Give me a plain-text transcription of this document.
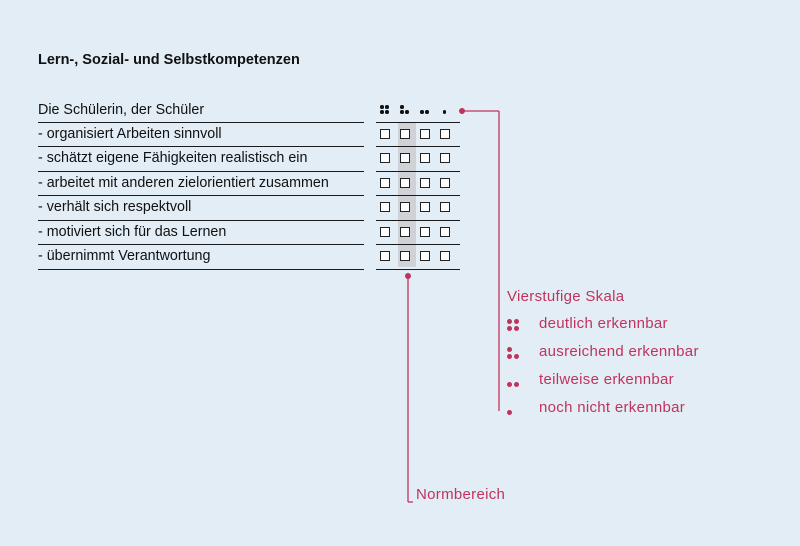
Lern-, Sozial- und Selbstkompetenzen
Die Schülerin, der Schüler
- organisiert Arbeiten sinnvoll
- schätzt eigene Fähigkeiten realistisch ein
- arbeitet mit anderen zielorientiert zusammen
- verhält sich respektvoll
- motiviert sich für das Lernen
- übernimmt Verantwortung
Vierstufige Skala
deutlich erkennbar
ausreichend erkennbar
teilweise erkennbar
noch nicht erkennbar
Normbereich
